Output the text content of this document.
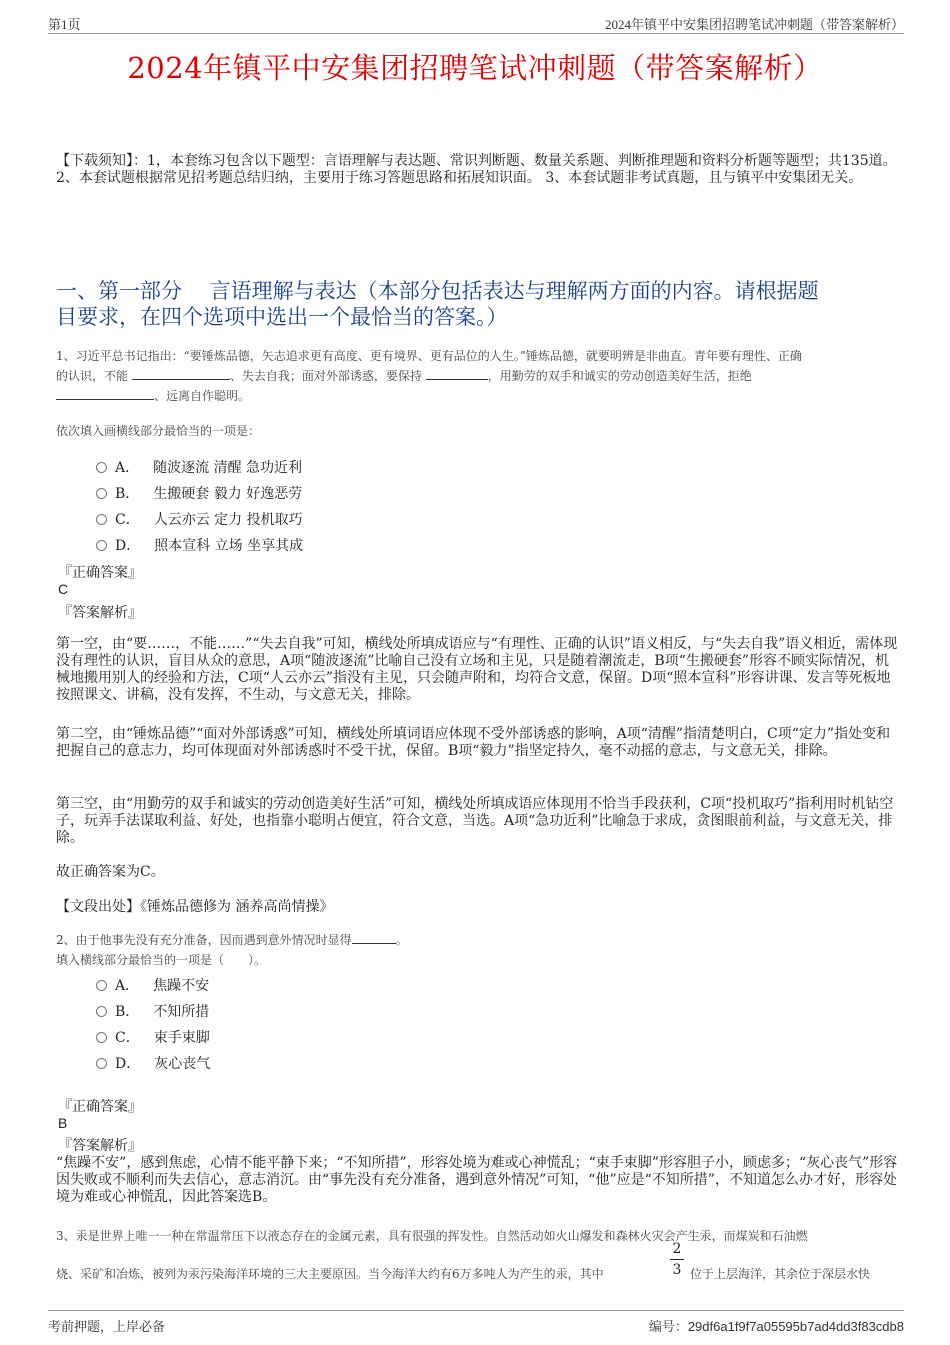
第1页	2024年镇平中安集团招聘笔试冲刺题（带答案解析）
2024年镇平中安集团招聘笔试冲刺题（带答案解析）
【下载须知】：1，本套练习包含以下题型：言语理解与表达题、常识判断题、数量关系题、判断推理题和资料分析题等题型；共135道。 2、本套试题根据常见招考题总结归纳，主要用于练习答题思路和拓展知识面。 3、本套试题非考试真题，且与镇平中安集团无关。
一、第一部分　 言语理解与表达（本部分包括表达与理解两方面的内容。请根据题
目要求，在四个选项中选出一个最恰当的答案。）
1、习近平总书记指出：“要锤炼品德，矢志追求更有高度、更有境界、更有品位的人生。”锤炼品德，就要明辨是非曲直。青年要有理性、正确
的认识，不能	、失去自我；面对外部诱惑，要保持	，用勤劳的双手和诚实的劳动创造美好生活，拒绝
、远离自作聪明。
依次填入画横线部分最恰当的一项是：
A． 随波逐流 清醒 急功近利
B． 生搬硬套 毅力 好逸恶劳
C． 人云亦云 定力 投机取巧
D． 照本宣科 立场 坐享其成
『正确答案』
C
『答案解析』
第一空，由“要……，不能……”“失去自我”可知，横线处所填成语应与“有理性、正确的认识”语义相反，与“失去自我”语义相近，需体现没有理性的认识，盲目从众的意思，A项“随波逐流”比喻自己没有立场和主见，只是随着潮流走，B项“生搬硬套”形容不顾实际情况，机械地搬用别人的经验和方法，C项“人云亦云”指没有主见，只会随声附和，均符合文意，保留。D项“照本宣科”形容讲课、发言等死板地按照课文、讲稿，没有发挥，不生动，与文意无关，排除。
第二空，由“锤炼品德”“面对外部诱惑”可知，横线处所填词语应体现不受外部诱惑的影响，A项“清醒”指清楚明白，C项“定力”指处变和把握自己的意志力，均可体现面对外部诱惑时不受干扰，保留。B项“毅力”指坚定持久，毫不动摇的意志，与文意无关，排除。
第三空，由“用勤劳的双手和诚实的劳动创造美好生活”可知，横线处所填成语应体现用不恰当手段获利，C项“投机取巧”指利用时机钻空子，玩弄手法谋取利益、好处，也指靠小聪明占便宜，符合文意，当选。A项“急功近利”比喻急于求成，贪图眼前利益，与文意无关，排除。
故正确答案为C。
【文段出处】《锤炼品德修为 涵养高尚情操》
2、由于他事先没有充分准备，因而遇到意外情况时显得	。
填入横线部分最恰当的一项是（　　）。
A． 焦躁不安
B． 不知所措
C． 束手束脚
D． 灰心丧气
『正确答案』
B
『答案解析』
“焦躁不安”，感到焦虑，心情不能平静下来；“不知所措”，形容处境为难或心神慌乱；“束手束脚”形容胆子小，顾虑多；“灰心丧气”形容因失败或不顺利而失去信心，意志消沉。由“事先没有充分准备，遇到意外情况”可知，“他”应是“不知所措”，不知道怎么办才好，形容处境为难或心神慌乱，因此答案选B。
3、汞是世界上唯一一种在常温常压下以液态存在的金属元素，具有很强的挥发性。自然活动如火山爆发和森林火灾会产生汞，而煤炭和石油燃
烧、采矿和冶炼，被列为汞污染海洋环境的三大主要原因。当今海洋大约有6万多吨人为产生的汞，其中
2
3 位于上层海洋，其余位于深层水快
考前押题，上岸必备	编号：29df6a1f9f7a05595b7ad4dd3f83cdb8
